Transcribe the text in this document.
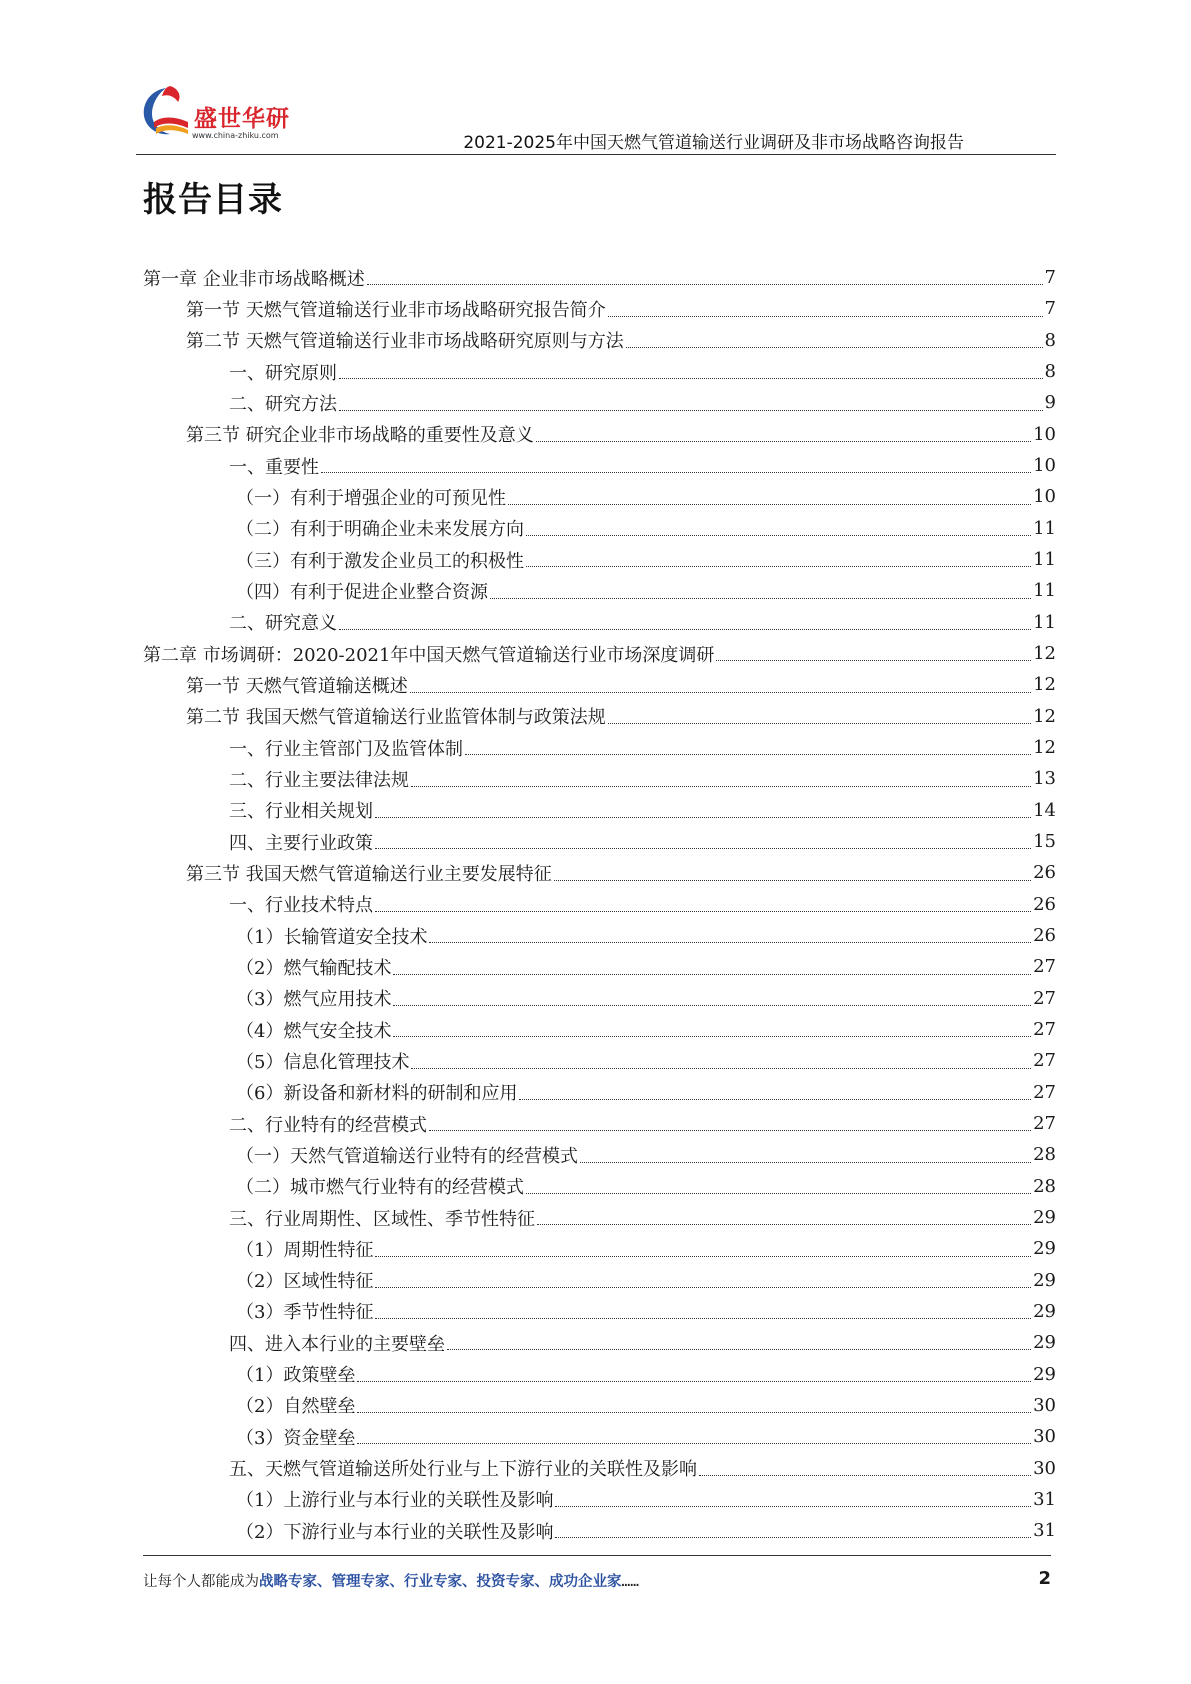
盛世华研
www.china-zhiku.com	2021-2025年中国天燃气管道输送行业调研及非市场战略咨询报告
报告目录
第一章 企业非市场战略概述	7
第一节 天燃气管道输送行业非市场战略研究报告简介	7
第二节 天燃气管道输送行业非市场战略研究原则与方法	8
一、研究原则	8
二、研究方法	9
第三节 研究企业非市场战略的重要性及意义	10
一、重要性	10
（一）有利于增强企业的可预见性	10
（二）有利于明确企业未来发展方向	11
（三）有利于激发企业员工的积极性	11
（四）有利于促进企业整合资源	11
二、研究意义	11
第二章 市场调研：2020-2021年中国天燃气管道输送行业市场深度调研	12
第一节 天燃气管道输送概述	12
第二节 我国天燃气管道输送行业监管体制与政策法规	12
一、行业主管部门及监管体制	12
二、行业主要法律法规	13
三、行业相关规划	14
四、主要行业政策	15
第三节 我国天燃气管道输送行业主要发展特征	26
一、行业技术特点	26
（1）长输管道安全技术	26
（2）燃气输配技术	27
（3）燃气应用技术	27
（4）燃气安全技术	27
（5）信息化管理技术	27
（6）新设备和新材料的研制和应用	27
二、行业特有的经营模式	27
（一）天然气管道输送行业特有的经营模式	28
（二）城市燃气行业特有的经营模式	28
三、行业周期性、区域性、季节性特征	29
（1）周期性特征	29
（2）区域性特征	29
（3）季节性特征	29
四、进入本行业的主要壁垒	29
（1）政策壁垒	29
（2）自然壁垒	30
（3）资金壁垒	30
五、天燃气管道输送所处行业与上下游行业的关联性及影响	30
（1）上游行业与本行业的关联性及影响	31
（2）下游行业与本行业的关联性及影响	31
让每个人都能成为战略专家、管理专家、行业专家、投资专家、成功企业家……	2
